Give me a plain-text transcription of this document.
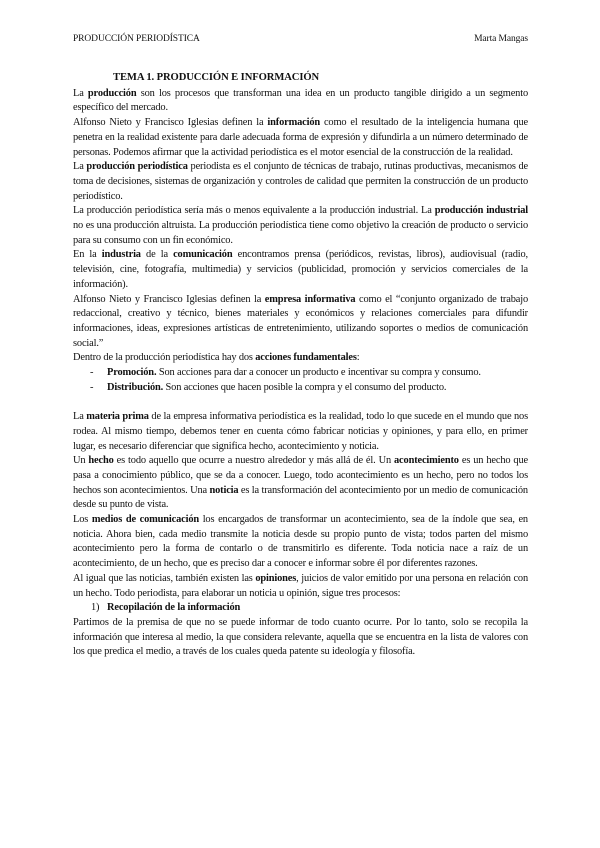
PRODUCCIÓN PERIODÍSTICA	Marta Mangas
TEMA 1. PRODUCCIÓN E INFORMACIÓN

La producción son los procesos que transforman una idea en un producto tangible dirigido a un segmento específico del mercado.

Alfonso Nieto y Francisco Iglesias definen la información como el resultado de la inteligencia humana que penetra en la realidad existente para darle adecuada forma de expresión y difundirla a un número determinado de personas. Podemos afirmar que la actividad periodística es el motor esencial de la construcción de la realidad.

La producción periodística periodista es el conjunto de técnicas de trabajo, rutinas productivas, mecanismos de toma de decisiones, sistemas de organización y controles de calidad que permiten la construcción de un producto periodístico.

La producción periodística sería más o menos equivalente a la producción industrial. La producción industrial no es una producción altruista. La producción periodística tiene como objetivo la creación de producto o servicio para su consumo con un fin económico.

En la industria de la comunicación encontramos prensa (periódicos, revistas, libros), audiovisual (radio, televisión, cine, fotografía, multimedia) y servicios (publicidad, promoción y servicios comerciales de la información).

Alfonso Nieto y Francisco Iglesias definen la empresa informativa como el “conjunto organizado de trabajo redaccional, creativo y técnico, bienes materiales y económicos y relaciones comerciales para difundir informaciones, ideas, expresiones artísticas de entretenimiento, utilizando soportes o medios de comunicación social.”

Dentro de la producción periodística hay dos acciones fundamentales:

- Promoción. Son acciones para dar a conocer un producto e incentivar su compra y consumo.
- Distribución. Son acciones que hacen posible la compra y el consumo del producto.

La materia prima de la empresa informativa periodística es la realidad, todo lo que sucede en el mundo que nos rodea. Al mismo tiempo, debemos tener en cuenta cómo fabricar noticias y opiniones, y para ello, en primer lugar, es necesario diferenciar que significa hecho, acontecimiento y noticia.

Un hecho es todo aquello que ocurre a nuestro alrededor y más allá de él. Un acontecimiento es un hecho que pasa a conocimiento público, que se da a conocer. Luego, todo acontecimiento es un hecho, pero no todos los hechos son acontecimientos. Una noticia es la transformación del acontecimiento por un medio de comunicación desde su punto de vista.

Los medios de comunicación los encargados de transformar un acontecimiento, sea de la índole que sea, en noticia. Ahora bien, cada medio transmite la noticia desde su propio punto de vista; todos parten del mismo acontecimiento pero la forma de contarlo o de transmitirlo es diferente. Toda noticia nace a raíz de un acontecimiento, de un hecho, que es preciso dar a conocer e informar sobre él por diferentes razones.

Al igual que las noticias, también existen las opiniones, juicios de valor emitido por una persona en relación con un hecho. Todo periodista, para elaborar un noticia u opinión, sigue tres procesos:

1) Recopilación de la información

Partimos de la premisa de que no se puede informar de todo cuanto ocurre. Por lo tanto, solo se recopila la información que interesa al medio, la que considera relevante, aquella que se encuentra en la lista de valores con los que predica el medio, a través de los cuales queda patente su ideología y filosofía.
